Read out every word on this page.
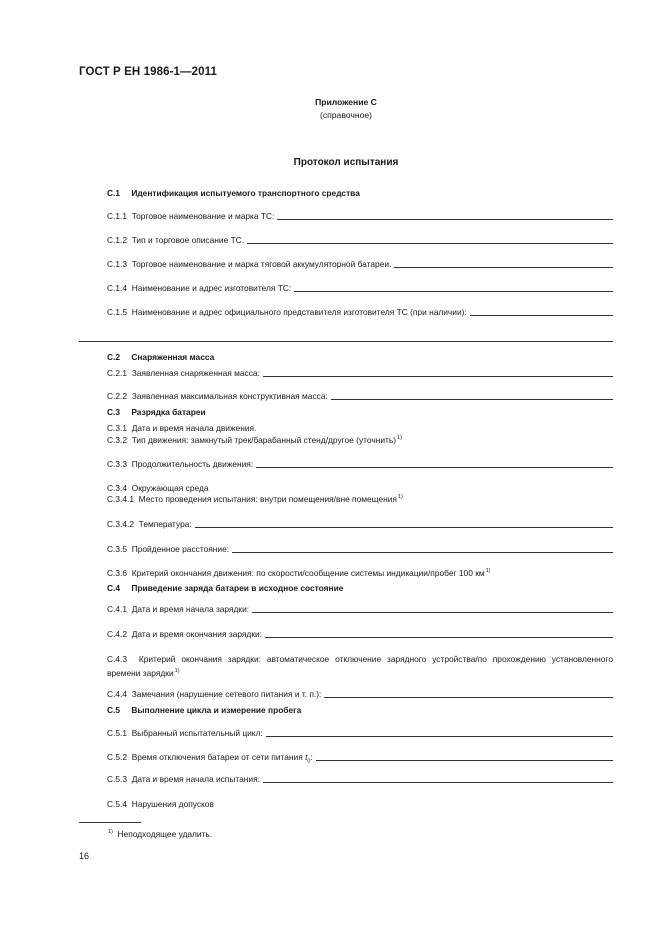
ГОСТ Р ЕН 1986-1—2011
Приложение С
(справочное)
Протокол испытания
С.1 Идентификация испытуемого транспортного средства
С.1.1 Торговое наименование и марка ТС:
С.1.2 Тип и торговое описание ТС.
С.1.3 Торговое наименование и марка тяговой аккумуляторной батареи.
С.1.4 Наименование и адрес изготовителя ТС:
С.1.5 Наименование и адрес официального представителя изготовителя ТС (при наличии):
С.2 Снаряженная масса
С.2.1 Заявленная снаряженная масса:
С.2.2 Заявленная максимальная конструктивная масса:
С.3 Разрядка батареи
С.3.1 Дата и время начала движения.
С.3.2 Тип движения: замкнутый трек/барабанный стенд/другое (уточнить)$^{1)}$
С.3.3 Продолжительность движения:
С.3.4 Окружающая среда
С.3.4.1 Место проведения испытания: внутри помещения/вне помещения$^{1)}$
С.3.4.2 Температура:
С.3.5 Пройденное расстояние:
С.3.6 Критерий окончания движения: по скорости/сообщение системы индикации/пробег 100 $км^{1)}$
С.4 Приведение заряда батареи в исходное состояние
С.4.1 Дата и время начала зарядки:
С.4.2 Дата и время окончания зарядки:
С.4.3 Критерий окончания зарядки: автоматическое отключение зарядного устройства/по прохождению установленного времени зарядки$^{1)}$
С.4.4 Замечания (нарушение сетевого питания и т. п.):
С.5 Выполнение цикла и измерение пробега
С.5.1 Выбранный испытательный цикл:
С.5.2 Время отключения батареи от сети питания $t_0$:
С.5.3 Дата и время начала испытания:
С.5.4 Нарушения допусков
$^{1)}$ Неподходящее удалить.
16
